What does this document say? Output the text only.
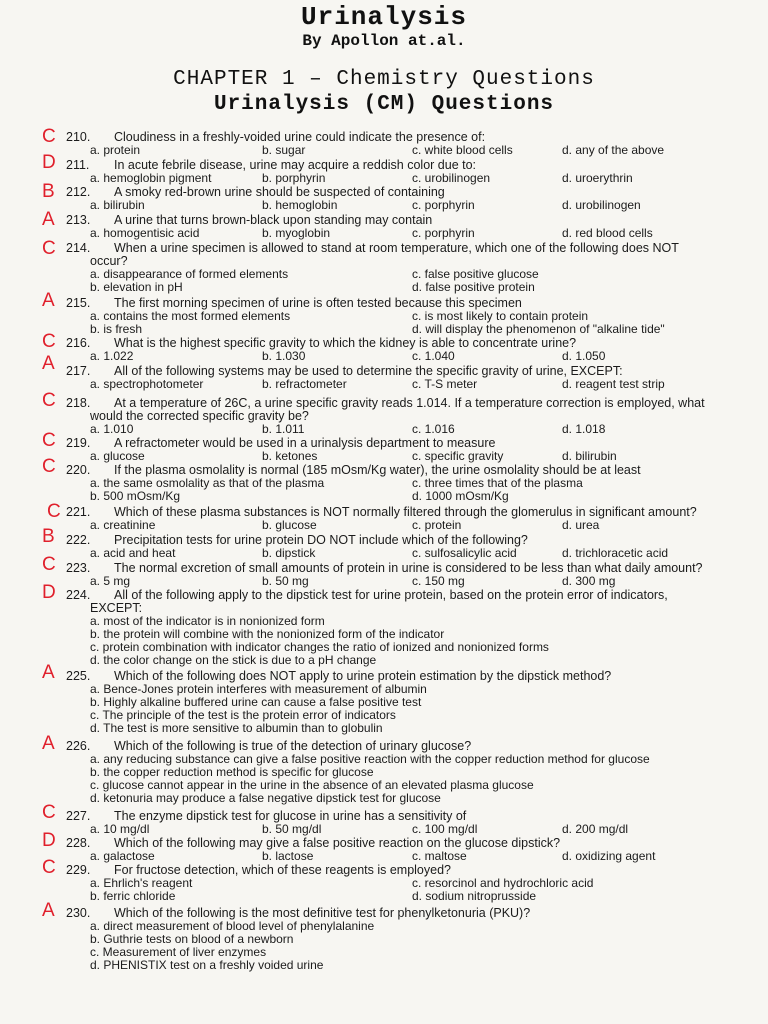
Urinalysis
By Apollon at.al.
CHAPTER 1 – Chemistry Questions
Urinalysis (CM) Questions
C 210. Cloudiness in a freshly-voided urine could indicate the presence of:
a. protein	b. sugar	c. white blood cells	d. any of the above
D 211. In acute febrile disease, urine may acquire a reddish color due to:
a. hemoglobin pigment	b. porphyrin	c. urobilinogen	d. uroerythrin
B 212. A smoky red-brown urine should be suspected of containing
a. bilirubin	b. hemoglobin	c. porphyrin	d. urobilinogen
A 213. A urine that turns brown-black upon standing may contain
a. homogentisic acid	b. myoglobin	c. porphyrin	d. red blood cells
C 214. When a urine specimen is allowed to stand at room temperature, which one of the following does NOT
occur?
a. disappearance of formed elements	c. false positive glucose
b. elevation in pH	d. false positive protein
A 215. The first morning specimen of urine is often tested because this specimen
a. contains the most formed elements	c. is most likely to contain protein
b. is fresh	d. will display the phenomenon of "alkaline tide"
C 216. What is the highest specific gravity to which the kidney is able to concentrate urine?
a. 1.022	b. 1.030	c. 1.040	d. 1.050
A 217. All of the following systems may be used to determine the specific gravity of urine, EXCEPT:
a. spectrophotometer	b. refractometer	c. T-S meter	d. reagent test strip
C 218. At a temperature of 26C, a urine specific gravity reads 1.014. If a temperature correction is employed, what
would the corrected specific gravity be?
a. 1.010	b. 1.011	c. 1.016	d. 1.018
C 219. A refractometer would be used in a urinalysis department to measure
a. glucose	b. ketones	c. specific gravity	d. bilirubin
C 220. If the plasma osmolality is normal (185 mOsm/Kg water), the urine osmolality should be at least
a. the same osmolality as that of the plasma	c. three times that of the plasma
b. 500 mOsm/Kg	d. 1000 mOsm/Kg
C 221. Which of these plasma substances is NOT normally filtered through the glomerulus in significant amount?
a. creatinine	b. glucose	c. protein	d. urea
B 222. Precipitation tests for urine protein DO NOT include which of the following?
a. acid and heat	b. dipstick	c. sulfosalicylic acid	d. trichloracetic acid
C 223. The normal excretion of small amounts of protein in urine is considered to be less than what daily amount?
a. 5 mg	b. 50 mg	c. 150 mg	d. 300 mg
D 224. All of the following apply to the dipstick test for urine protein, based on the protein error of indicators,
EXCEPT:
a. most of the indicator is in nonionized form
b. the protein will combine with the nonionized form of the indicator
c. protein combination with indicator changes the ratio of ionized and nonionized forms
d. the color change on the stick is due to a pH change
A 225. Which of the following does NOT apply to urine protein estimation by the dipstick method?
a. Bence-Jones protein interferes with measurement of albumin
b. Highly alkaline buffered urine can cause a false positive test
c. The principle of the test is the protein error of indicators
d. The test is more sensitive to albumin than to globulin
A 226. Which of the following is true of the detection of urinary glucose?
a. any reducing substance can give a false positive reaction with the copper reduction method for glucose
b. the copper reduction method is specific for glucose
c. glucose cannot appear in the urine in the absence of an elevated plasma glucose
d. ketonuria may produce a false negative dipstick test for glucose
C 227. The enzyme dipstick test for glucose in urine has a sensitivity of
a. 10 mg/dl	b. 50 mg/dl	c. 100 mg/dl	d. 200 mg/dl
D 228. Which of the following may give a false positive reaction on the glucose dipstick?
a. galactose	b. lactose	c. maltose	d. oxidizing agent
C 229. For fructose detection, which of these reagents is employed?
a. Ehrlich's reagent	c. resorcinol and hydrochloric acid
b. ferric chloride	d. sodium nitroprusside
A 230. Which of the following is the most definitive test for phenylketonuria (PKU)?
a. direct measurement of blood level of phenylalanine
b. Guthrie tests on blood of a newborn
c. Measurement of liver enzymes
d. PHENISTIX test on a freshly voided urine
